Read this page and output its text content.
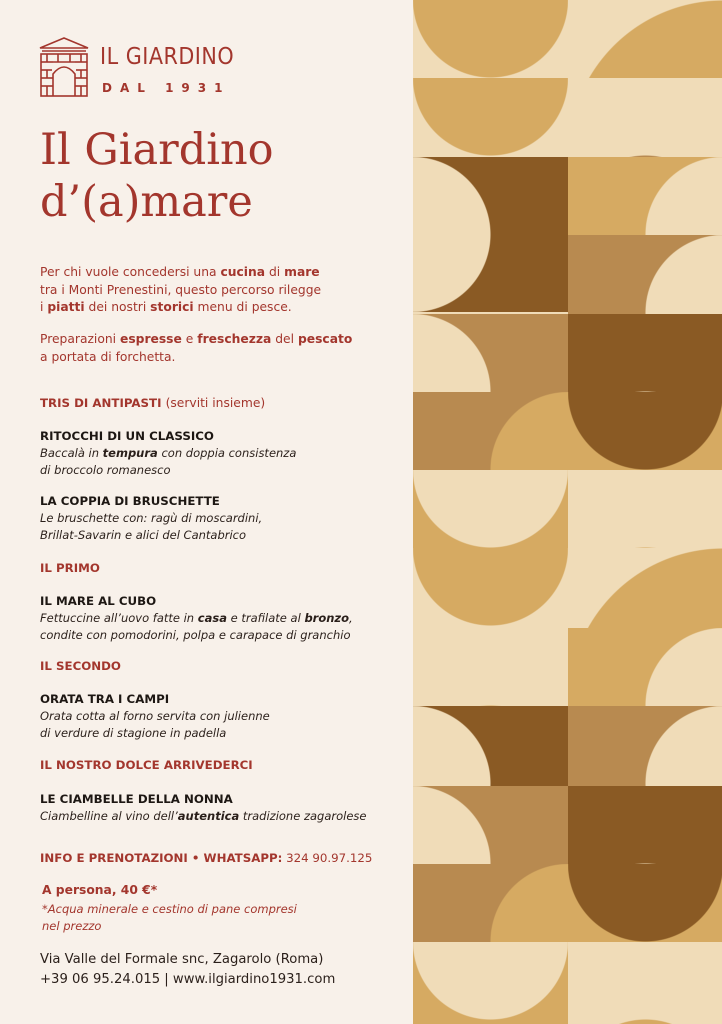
IL GIARDINO
DAL 1931
Il Giardino
d’(a)mare

Per chi vuole concedersi una cucina di mare
tra i Monti Prenestini, questo percorso rilegge
i piatti dei nostri storici menu di pesce.

Preparazioni espresse e freschezza del pescato
a portata di forchetta.

TRIS DI ANTIPASTI (serviti insieme)

RITOCCHI DI UN CLASSICO

Baccalà in tempura con doppia consistenza
di broccolo romanesco

LA COPPIA DI BRUSCHETTE

Le bruschette con: ragù di moscardini,
Brillat-Savarin e alici del Cantabrico

IL PRIMO

IL MARE AL CUBO

Fettuccine all’uovo fatte in casa e trafilate al bronzo,
condite con pomodorini, polpa e carapace di granchio

IL SECONDO

ORATA TRA I CAMPI

Orata cotta al forno servita con julienne
di verdure di stagione in padella

IL NOSTRO DOLCE ARRIVEDERCI

LE CIAMBELLE DELLA NONNA

Ciambelline al vino dell’autentica tradizione zagarolese

INFO E PRENOTAZIONI • WHATSAPP: 324 90.97.125

A persona, 40 €*

*Acqua minerale e cestino di pane compresi nel prezzo

Via Valle del Formale snc, Zagarolo (Roma)
+39 06 95.24.015 | www.ilgiardino1931.com
